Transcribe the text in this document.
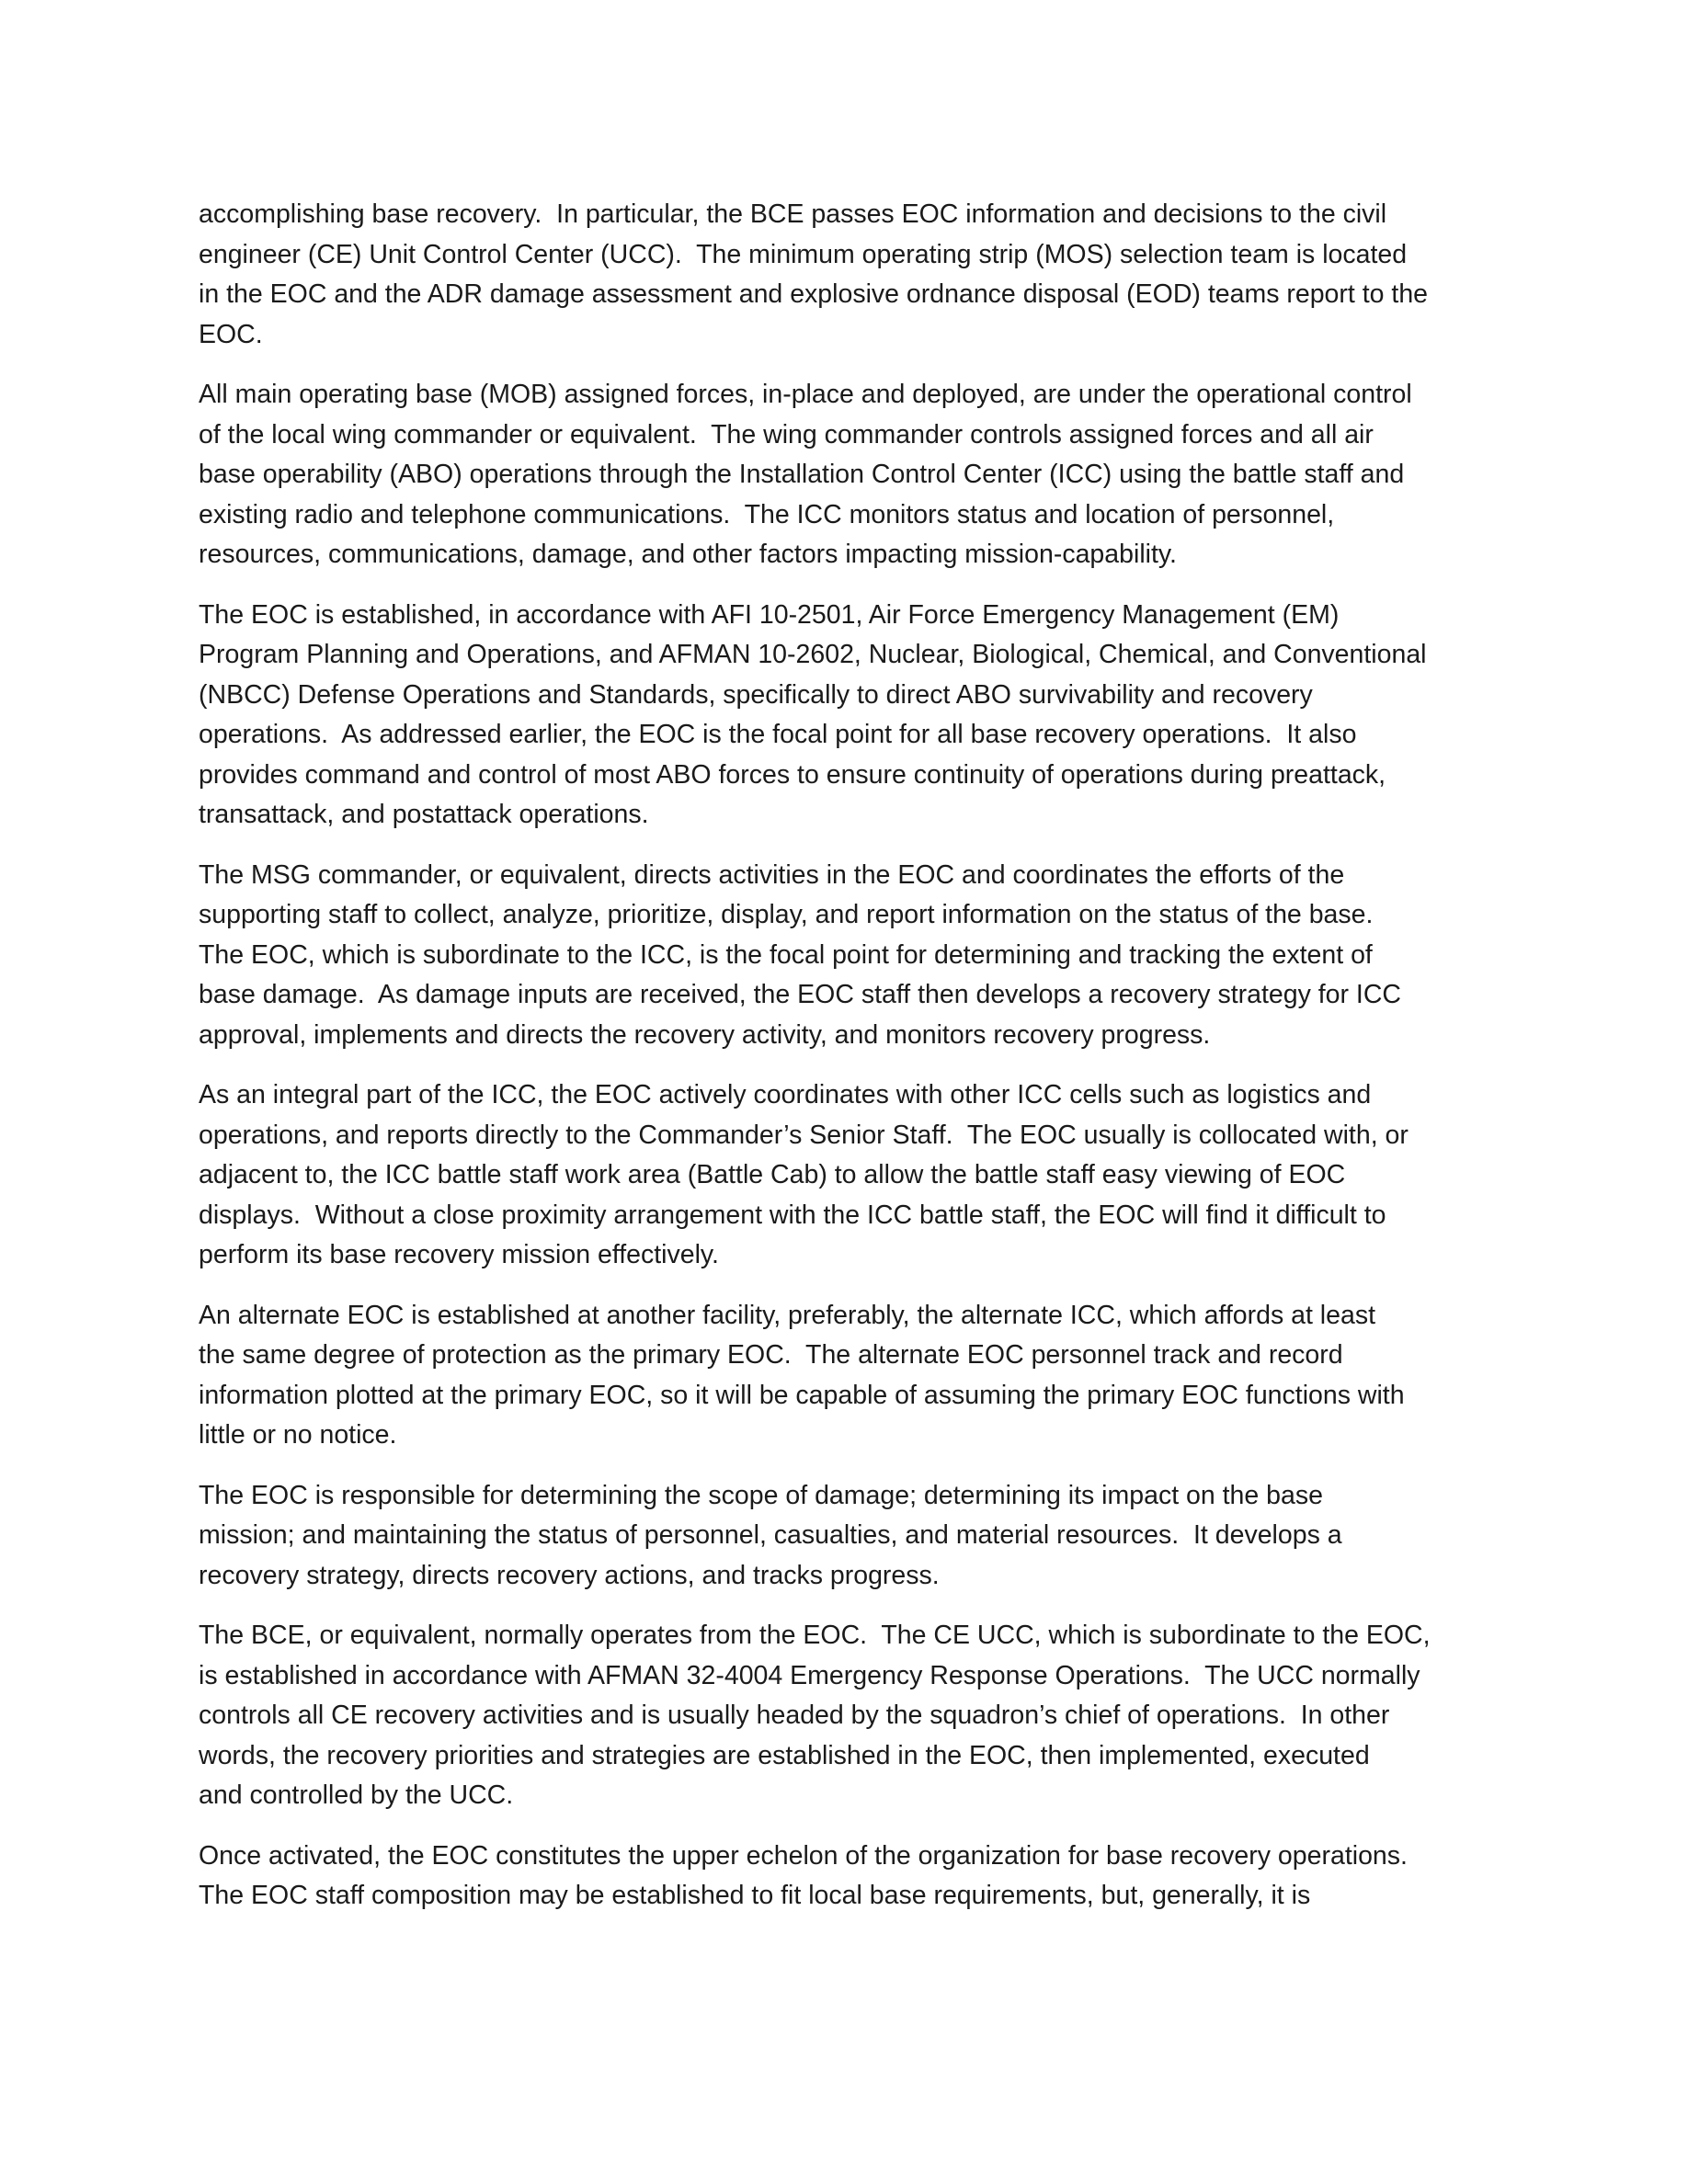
accomplishing base recovery.  In particular, the BCE passes EOC information and decisions to the civil
engineer (CE) Unit Control Center (UCC).  The minimum operating strip (MOS) selection team is located
in the EOC and the ADR damage assessment and explosive ordnance disposal (EOD) teams report to the
EOC.

All main operating base (MOB) assigned forces, in-place and deployed, are under the operational control
of the local wing commander or equivalent.  The wing commander controls assigned forces and all air
base operability (ABO) operations through the Installation Control Center (ICC) using the battle staff and
existing radio and telephone communications.  The ICC monitors status and location of personnel,
resources, communications, damage, and other factors impacting mission-capability.

The EOC is established, in accordance with AFI 10-2501, Air Force Emergency Management (EM)
Program Planning and Operations, and AFMAN 10-2602, Nuclear, Biological, Chemical, and Conventional
(NBCC) Defense Operations and Standards, specifically to direct ABO survivability and recovery
operations.  As addressed earlier, the EOC is the focal point for all base recovery operations.  It also
provides command and control of most ABO forces to ensure continuity of operations during preattack,
transattack, and postattack operations.

The MSG commander, or equivalent, directs activities in the EOC and coordinates the efforts of the
supporting staff to collect, analyze, prioritize, display, and report information on the status of the base.
The EOC, which is subordinate to the ICC, is the focal point for determining and tracking the extent of
base damage.  As damage inputs are received, the EOC staff then develops a recovery strategy for ICC
approval, implements and directs the recovery activity, and monitors recovery progress.

As an integral part of the ICC, the EOC actively coordinates with other ICC cells such as logistics and
operations, and reports directly to the Commander’s Senior Staff.  The EOC usually is collocated with, or
adjacent to, the ICC battle staff work area (Battle Cab) to allow the battle staff easy viewing of EOC
displays.  Without a close proximity arrangement with the ICC battle staff, the EOC will find it difficult to
perform its base recovery mission effectively.

An alternate EOC is established at another facility, preferably, the alternate ICC, which affords at least
the same degree of protection as the primary EOC.  The alternate EOC personnel track and record
information plotted at the primary EOC, so it will be capable of assuming the primary EOC functions with
little or no notice.

The EOC is responsible for determining the scope of damage; determining its impact on the base
mission; and maintaining the status of personnel, casualties, and material resources.  It develops a
recovery strategy, directs recovery actions, and tracks progress.

The BCE, or equivalent, normally operates from the EOC.  The CE UCC, which is subordinate to the EOC,
is established in accordance with AFMAN 32-4004 Emergency Response Operations.  The UCC normally
controls all CE recovery activities and is usually headed by the squadron’s chief of operations.  In other
words, the recovery priorities and strategies are established in the EOC, then implemented, executed
and controlled by the UCC.

Once activated, the EOC constitutes the upper echelon of the organization for base recovery operations.
The EOC staff composition may be established to fit local base requirements, but, generally, it is
